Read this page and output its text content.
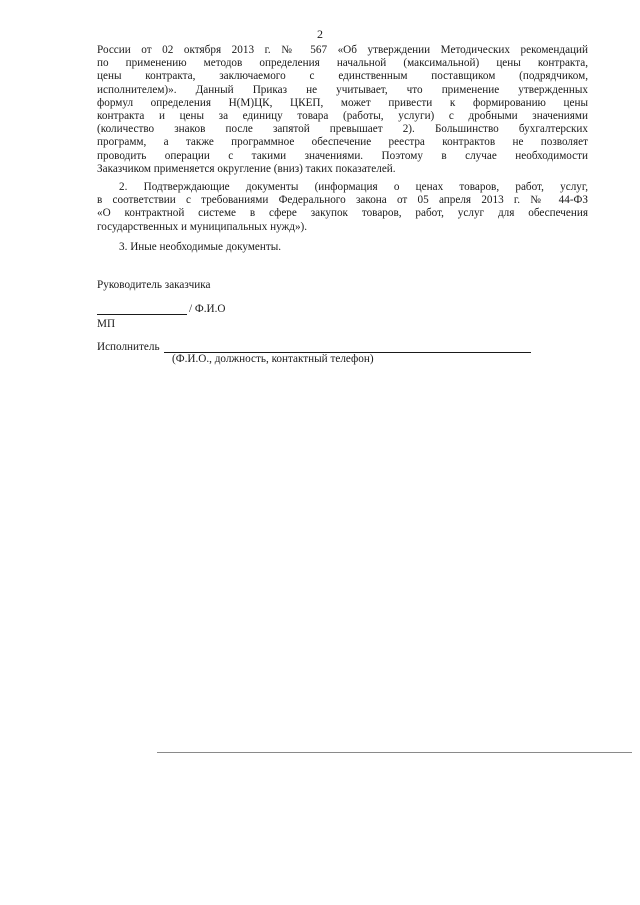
2
России от 02 октября 2013 г. № 567 «Об утверждении Методических рекомендаций
по применению методов определения начальной (максимальной) цены контракта,
цены контракта, заключаемого с единственным поставщиком (подрядчиком,
исполнителем)». Данный Приказ не учитывает, что применение утвержденных
формул определения Н(М)ЦК, ЦКЕП, может привести к формированию цены
контракта и цены за единицу товара (работы, услуги) с дробными значениями
(количество знаков после запятой превышает 2). Большинство бухгалтерских
программ, а также программное обеспечение реестра контрактов не позволяет
проводить операции с такими значениями. Поэтому в случае необходимости
Заказчиком применяется округление (вниз) таких показателей.
2. Подтверждающие документы (информация о ценах товаров, работ, услуг,
в соответствии с требованиями Федерального закона от 05 апреля 2013 г. № 44-ФЗ
«О контрактной системе в сфере закупок товаров, работ, услуг для обеспечения
государственных и муниципальных нужд»).
3. Иные необходимые документы.
Руководитель заказчика
/ Ф.И.О
МП
Исполнитель
(Ф.И.О., должность, контактный телефон)
